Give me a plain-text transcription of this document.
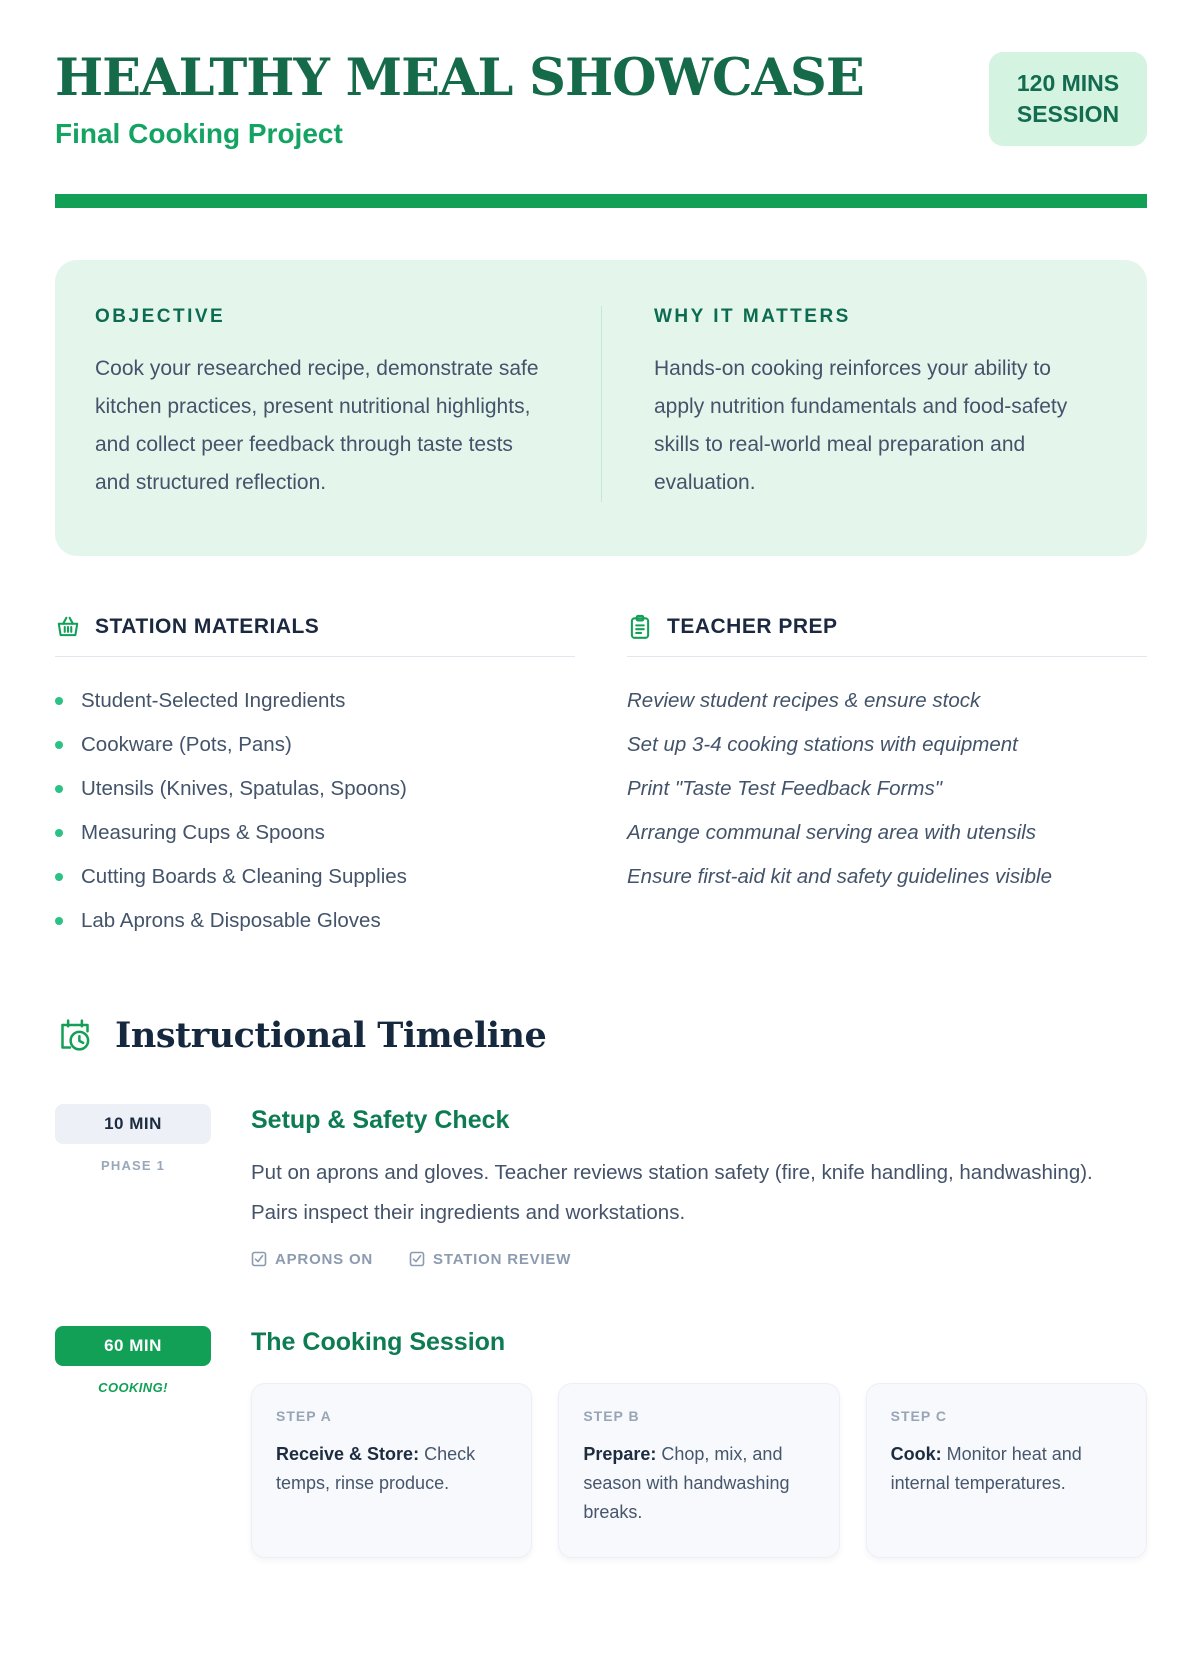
HEALTHY MEAL SHOWCASE
Final Cooking Project
120 MINS
SESSION
OBJECTIVE

Cook your researched recipe, demonstrate safe kitchen practices, present nutritional highlights, and collect peer feedback through taste tests and structured reflection.

WHY IT MATTERS

Hands-on cooking reinforces your ability to apply nutrition fundamentals and food-safety skills to real-world meal preparation and evaluation.

STATION MATERIALS
Student-Selected Ingredients
Cookware (Pots, Pans)
Utensils (Knives, Spatulas, Spoons)
Measuring Cups & Spoons
Cutting Boards & Cleaning Supplies
Lab Aprons & Disposable Gloves
TEACHER PREP
Review student recipes & ensure stock
Set up 3-4 cooking stations with equipment
Print "Taste Test Feedback Forms"
Arrange communal serving area with utensils
Ensure first-aid kit and safety guidelines visible
Instructional Timeline
10 MIN
PHASE 1
Setup & Safety Check

Put on aprons and gloves. Teacher reviews station safety (fire, knife handling, handwashing). Pairs inspect their ingredients and workstations.

APRONS ON	STATION REVIEW
60 MIN
COOKING!
The Cooking Session
STEP A

Receive & Store: Check temps, rinse produce.

STEP B

Prepare: Chop, mix, and season with handwashing breaks.

STEP C

Cook: Monitor heat and internal temperatures.
